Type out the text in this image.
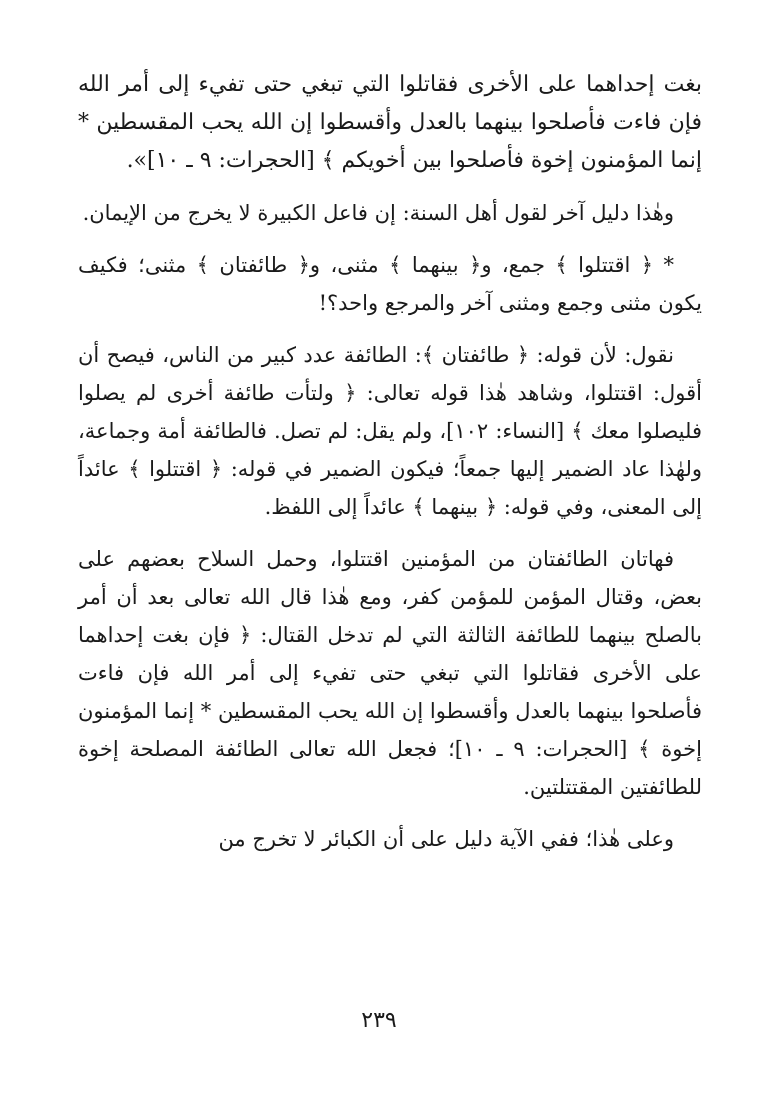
بغت إحداهما على الأخرى فقاتلوا التي تبغي حتى تفيء إلى أمر الله فإن فاءت فأصلحوا بينهما بالعدل وأقسطوا إن الله يحب المقسطين * إنما المؤمنون إخوة فأصلحوا بين أخويكم ﴾ [الحجرات: ٩ ـ ١٠]».

وهٰذا دليل آخر لقول أهل السنة: إن فاعل الكبيرة لا يخرج من الإيمان.

* ﴿ اقتتلوا ﴾ جمع، و﴿ بينهما ﴾ مثنى، و﴿ طائفتان ﴾ مثنى؛ فكيف يكون مثنى وجمع ومثنى آخر والمرجع واحد؟!

نقول: لأن قوله: ﴿ طائفتان ﴾: الطائفة عدد كبير من الناس، فيصح أن أقول: اقتتلوا، وشاهد هٰذا قوله تعالى: ﴿ ولتأت طائفة أخرى لم يصلوا فليصلوا معك ﴾ [النساء: ١٠٢]، ولم يقل: لم تصل. فالطائفة أمة وجماعة، ولهٰذا عاد الضمير إليها جمعاً؛ فيكون الضمير في قوله: ﴿ اقتتلوا ﴾ عائداً إلى المعنى، وفي قوله: ﴿ بينهما ﴾ عائداً إلى اللفظ.

فهاتان الطائفتان من المؤمنين اقتتلوا، وحمل السلاح بعضهم على بعض، وقتال المؤمن للمؤمن كفر، ومع هٰذا قال الله تعالى بعد أن أمر بالصلح بينهما للطائفة الثالثة التي لم تدخل القتال: ﴿ فإن بغت إحداهما على الأخرى فقاتلوا التي تبغي حتى تفيء إلى أمر الله فإن فاءت فأصلحوا بينهما بالعدل وأقسطوا إن الله يحب المقسطين * إنما المؤمنون إخوة ﴾ [الحجرات: ٩ ـ ١٠]؛ فجعل الله تعالى الطائفة المصلحة إخوة للطائفتين المقتتلتين.

وعلى هٰذا؛ ففي الآية دليل على أن الكبائر لا تخرج من

٢٣٩
